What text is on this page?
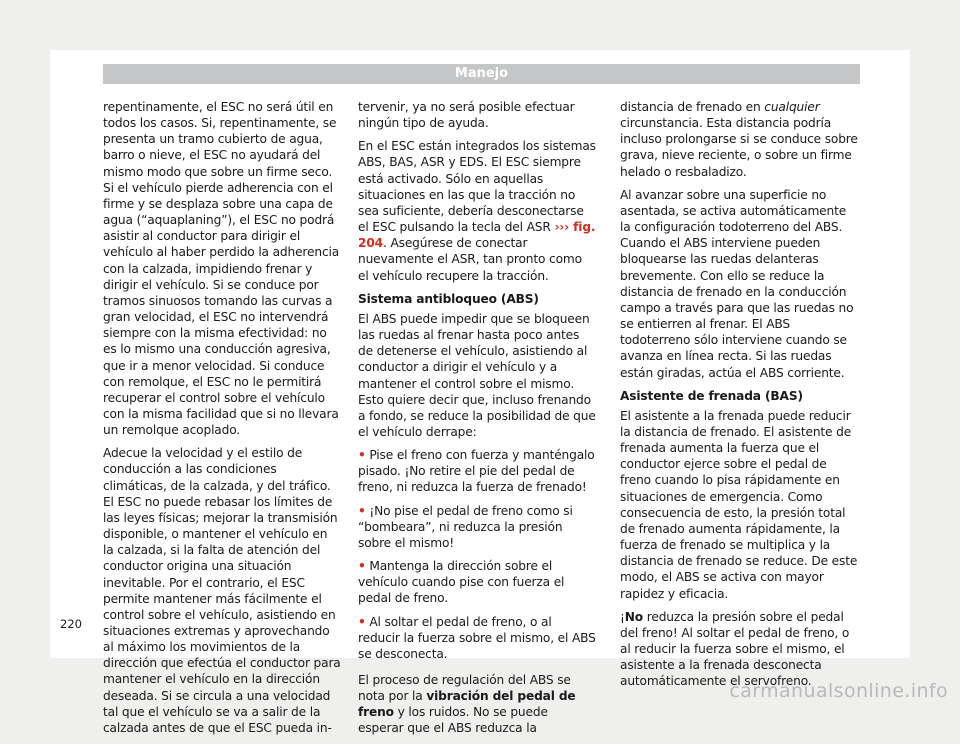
Manejo

repentinamente, el ESC no será útil en todos los casos. Si, repentinamente, se presenta un tramo cubierto de agua, barro o nieve, el ESC no ayudará del mismo modo que sobre un firme seco. Si el vehículo pierde adherencia con el firme y se desplaza sobre una capa de agua (“aquaplaning”), el ESC no podrá asistir al conductor para dirigir el vehículo al haber perdido la adherencia con la calzada, impidiendo frenar y dirigir el vehículo. Si se conduce por tramos sinuosos tomando las curvas a gran velocidad, el ESC no intervendrá siempre con la misma efectividad: no es lo mismo una conducción agresiva, que ir a menor velocidad. Si conduce con remolque, el ESC no le permitirá recuperar el control sobre el vehículo con la misma facilidad que si no llevara un remolque acoplado.

Adecue la velocidad y el estilo de conducción a las condiciones climáticas, de la calzada, y del tráfico. El ESC no puede rebasar los límites de las leyes físicas; mejorar la transmisión disponible, o mantener el vehículo en la calzada, si la falta de atención del conductor origina una situación inevitable. Por el contrario, el ESC permite mantener más fácilmente el control sobre el vehículo, asistiendo en situaciones extremas y aprovechando al máximo los movimientos de la dirección que efectúa el conductor para mantener el vehículo en la dirección deseada. Si se circula a una velocidad tal que el vehículo se va a salir de la calzada antes de que el ESC pueda in-

tervenir, ya no será posible efectuar ningún tipo de ayuda.

En el ESC están integrados los sistemas ABS, BAS, ASR y EDS. El ESC siempre está activado. Sólo en aquellas situaciones en las que la tracción no sea suficiente, debería desconectarse el ESC pulsando la tecla del ASR ››› fig. 204. Asegúrese de conectar nuevamente el ASR, tan pronto como el vehículo recupere la tracción.

Sistema antibloqueo (ABS)

El ABS puede impedir que se bloqueen las ruedas al frenar hasta poco antes de detenerse el vehículo, asistiendo al conductor a dirigir el vehículo y a mantener el control sobre el mismo. Esto quiere decir que, incluso frenando a fondo, se reduce la posibilidad de que el vehículo derrape:

• Pise el freno con fuerza y manténgalo pisado. ¡No retire el pie del pedal de freno, ni reduzca la fuerza de frenado!

• ¡No pise el pedal de freno como si “bombeara”, ni reduzca la presión sobre el mismo!

• Mantenga la dirección sobre el vehículo cuando pise con fuerza el pedal de freno.

• Al soltar el pedal de freno, o al reducir la fuerza sobre el mismo, el ABS se desconecta.

El proceso de regulación del ABS se nota por la vibración del pedal de freno y los ruidos. No se puede esperar que el ABS reduzca la

distancia de frenado en cualquier circunstancia. Esta distancia podría incluso prolongarse si se conduce sobre grava, nieve reciente, o sobre un firme helado o resbaladizo.

Al avanzar sobre una superficie no asentada, se activa automáticamente la configuración todoterreno del ABS. Cuando el ABS interviene pueden bloquearse las ruedas delanteras brevemente. Con ello se reduce la distancia de frenado en la conducción campo a través para que las ruedas no se entierren al frenar. El ABS todoterreno sólo interviene cuando se avanza en línea recta. Si las ruedas están giradas, actúa el ABS corriente.

Asistente de frenada (BAS)

El asistente a la frenada puede reducir la distancia de frenado. El asistente de frenada aumenta la fuerza que el conductor ejerce sobre el pedal de freno cuando lo pisa rápidamente en situaciones de emergencia. Como consecuencia de esto, la presión total de frenado aumenta rápidamente, la fuerza de frenado se multiplica y la distancia de frenado se reduce. De este modo, el ABS se activa con mayor rapidez y eficacia.

¡No reduzca la presión sobre el pedal del freno! Al soltar el pedal de freno, o al reducir la fuerza sobre el mismo, el asistente a la frenada desconecta automáticamente el servofreno.

220
carmanualsonline.info
